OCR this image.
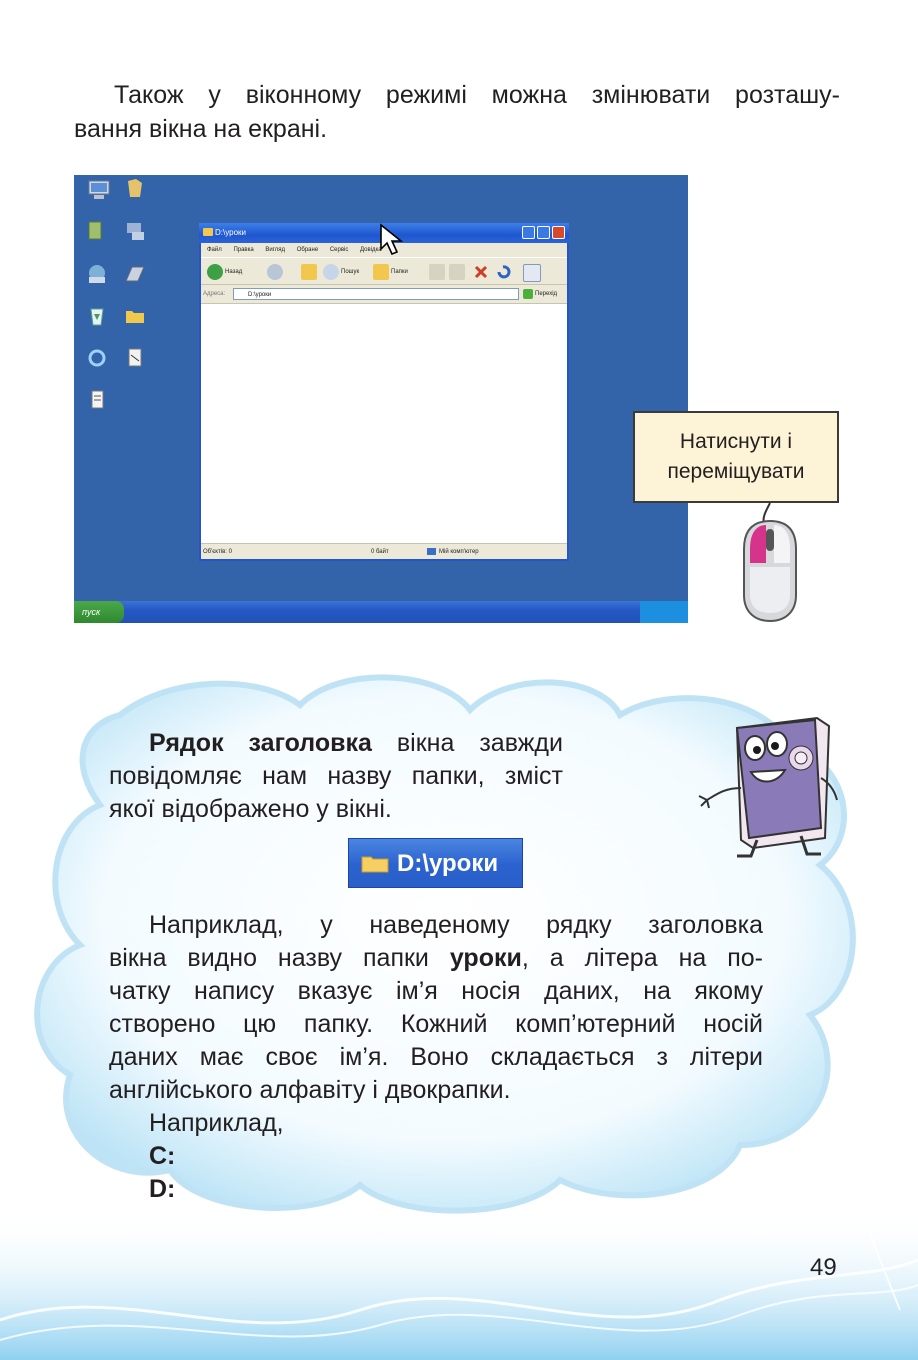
Також у віконному режимі можна змінювати розташу-
вання вікна на екрані.

D:\уроки
Файл Правка Вигляд Обране Сервіс Довідка
Назад	Пошук	Папки
Адреса:	D:\уроки	Перехід
Об'єктів: 0	0 байт	Мій комп'ютер
пуск
Натиснути і
переміщувати

Рядок заголовка вікна завжди
повідомляє нам назву папки, зміст
якої відображено у вікні.

D:\уроки

Наприклад, у наведеному рядку заголовка
вікна видно назву папки уроки, а літера на по-
чатку напису вказує ім’я носія даних, на якому
створено цю папку. Кожний комп’ютерний носій
даних має своє ім’я. Воно складається з літери
англійського алфавіту і двокрапки.
Наприклад,
C:
D:

49
